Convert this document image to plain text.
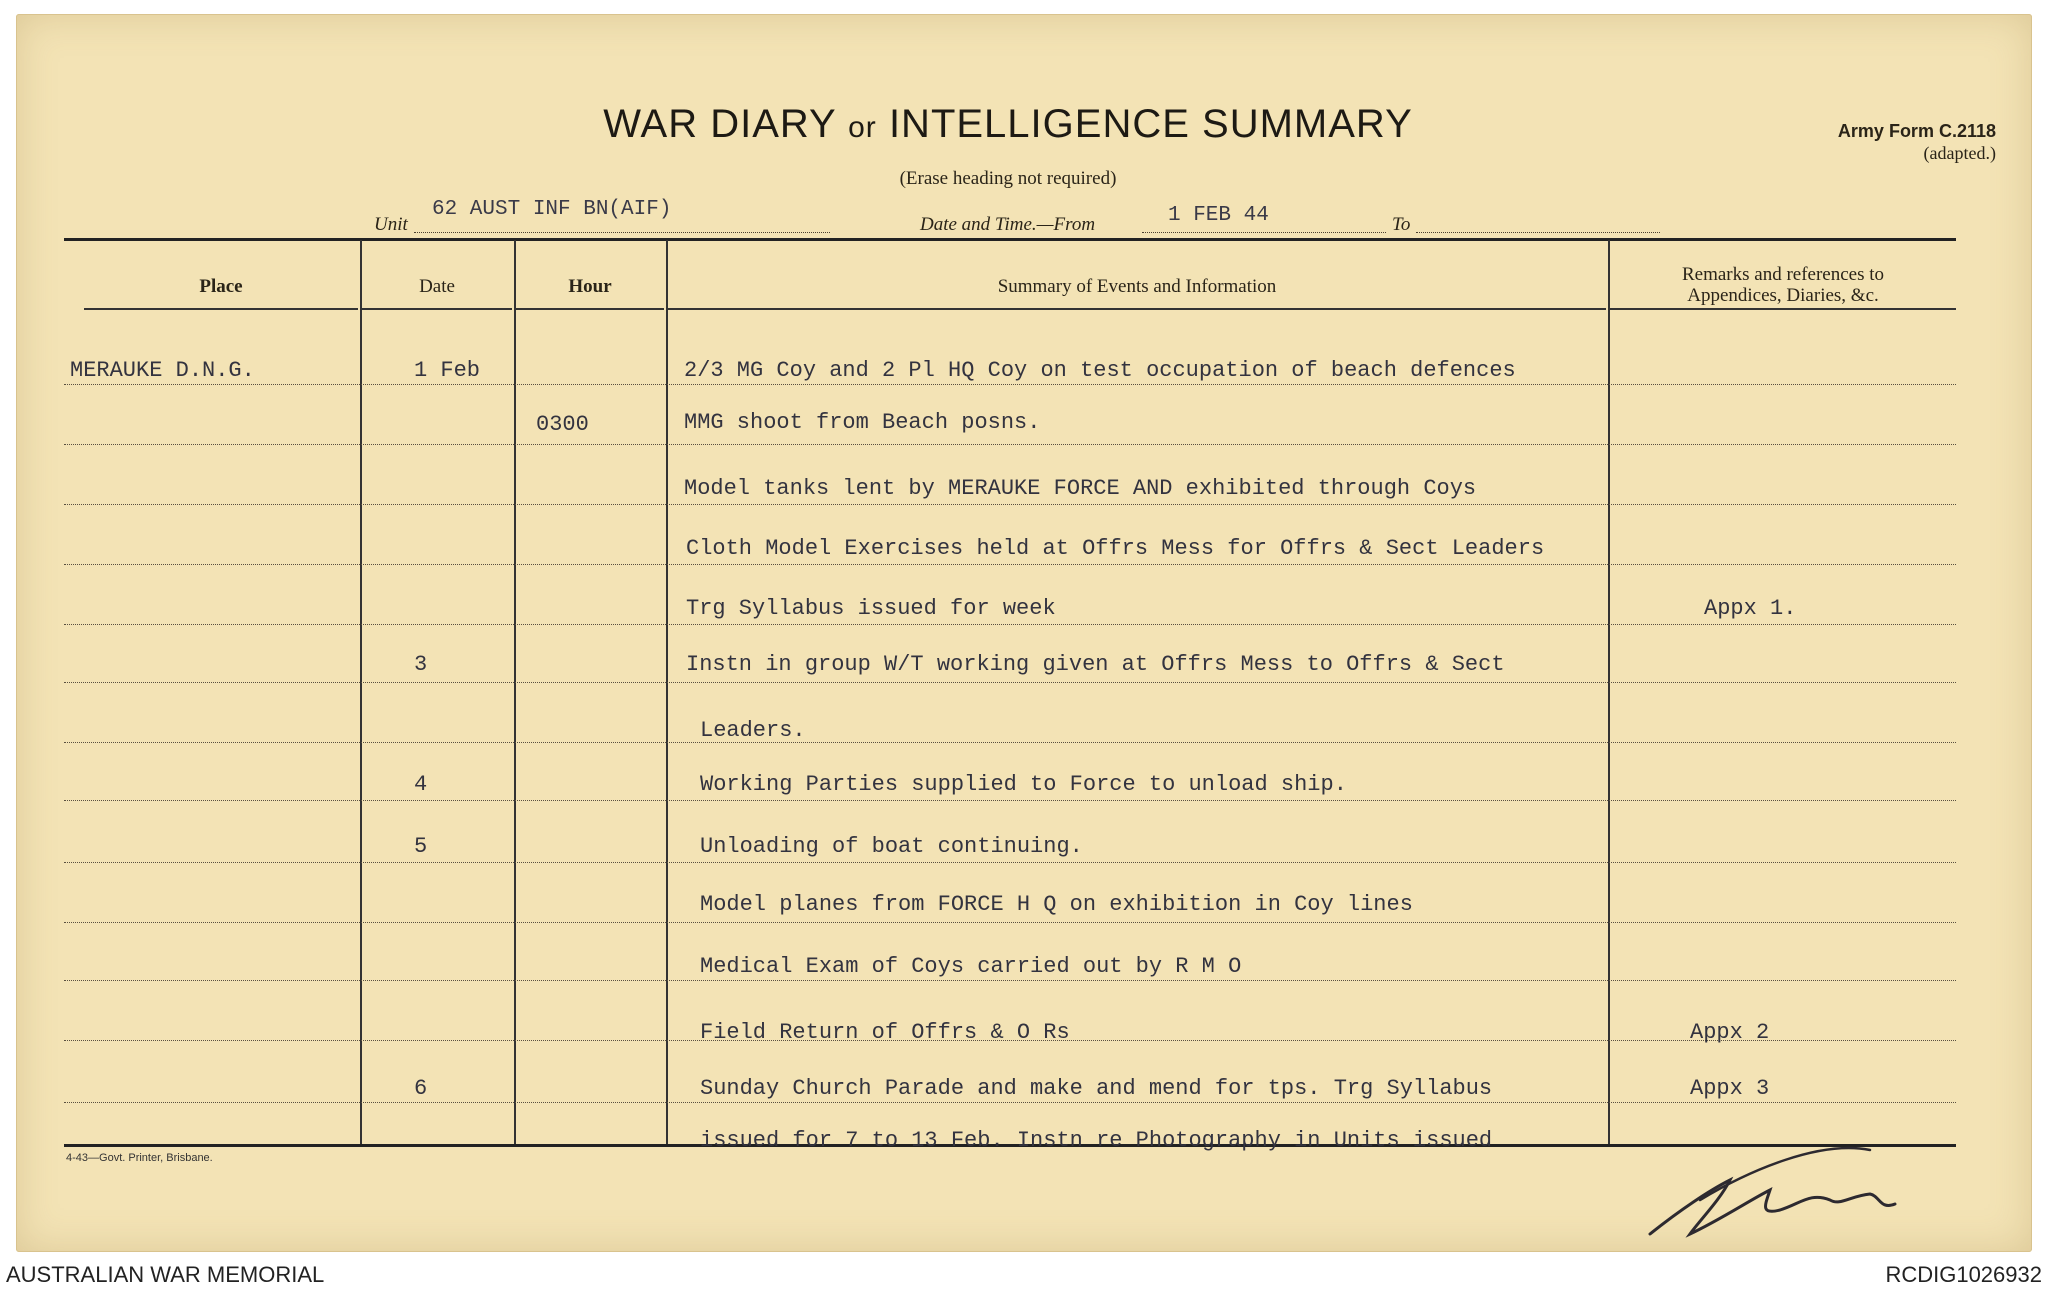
WAR DIARY or INTELLIGENCE SUMMARY
(Erase heading not required)
Army Form C.2118
(adapted.)
Unit
62 AUST INF BN(AIF)
Date and Time.—From	1 FEB 44	To
Place	Date	Hour	Summary of Events and Information
Remarks and references to
Appendices, Diaries, &c.
MERAUKE D.N.G.	1 Feb	2/3 MG Coy and 2 Pl HQ Coy on test occupation of beach defences
0300	MMG shoot from Beach posns.
Model tanks lent by MERAUKE FORCE AND exhibited through Coys
Cloth Model Exercises held at Offrs Mess for Offrs & Sect Leaders
Trg Syllabus issued for week	Appx 1.
3	Instn in group W/T working given at Offrs Mess to Offrs & Sect
Leaders.
4	Working Parties supplied to Force to unload ship.
5	Unloading of boat continuing.
Model planes from FORCE H Q on exhibition in Coy lines
Medical Exam of Coys carried out by R M O
Field Return of Offrs & O Rs	Appx 2
6	Sunday Church Parade and make and mend for tps. Trg Syllabus	Appx 3
issued for 7 to 13 Feb. Instn re Photography in Units issued
4-43—Govt. Printer, Brisbane.
AUSTRALIAN WAR MEMORIAL	RCDIG1026932
